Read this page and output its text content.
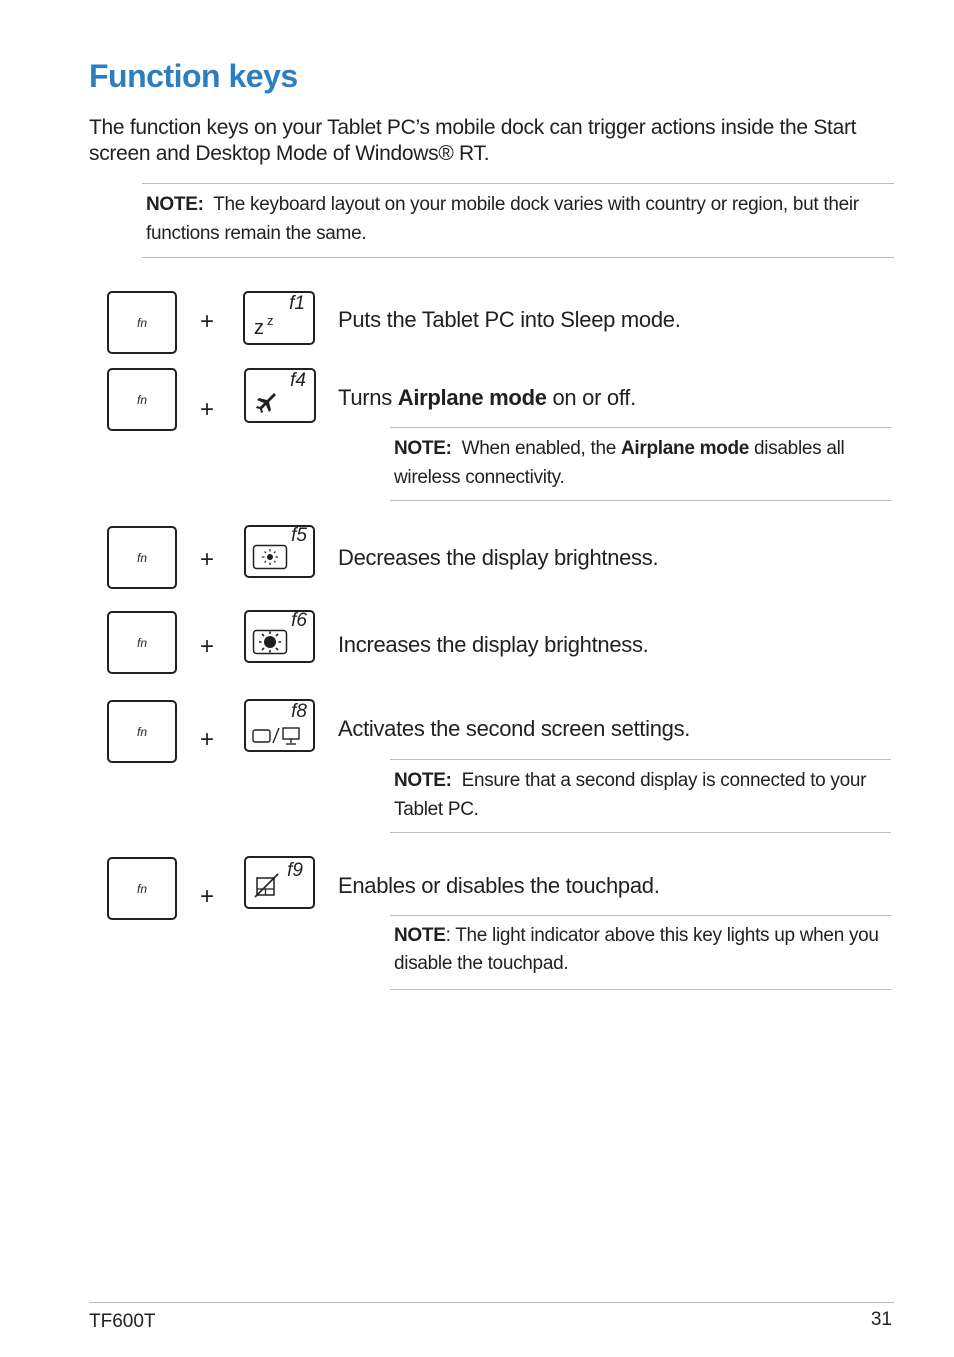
Function keys

The function keys on your Tablet PC’s mobile dock can trigger actions inside the Start screen and Desktop Mode of Windows® RT.

NOTE: The keyboard layout on your mobile dock varies with country or region, but their functions remain the same.
fn	+
f1
z z	Puts the Tablet PC into Sleep mode.
fn	+
f4
Turns Airplane mode on or off.
NOTE: When enabled, the Airplane mode disables all wireless connectivity.
fn	+
f5
Decreases the display brightness.
fn	+
f6
Increases the display brightness.
fn	+
f8
Activates the second screen settings.
NOTE: Ensure that a second display is connected to your Tablet PC.
fn	+
f9
Enables or disables the touchpad.
NOTE: The light indicator above this key lights up when you disable the touchpad.
TF600T	31
